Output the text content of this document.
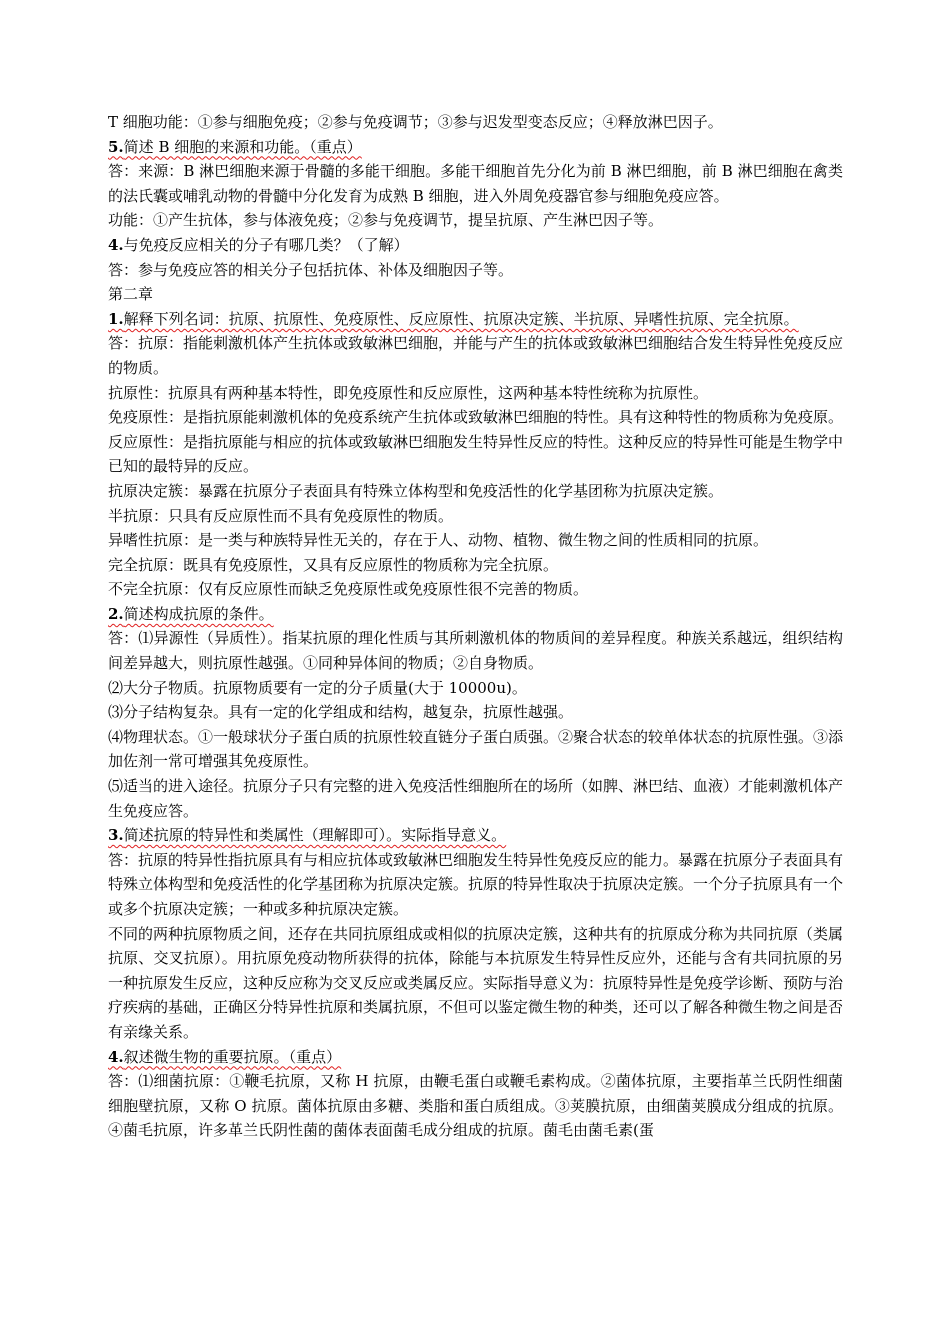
T 细胞功能：①参与细胞免疫；②参与免疫调节；③参与迟发型变态反应；④释放淋巴因子。

5.简述 B 细胞的来源和功能。（重点）

答：来源：B 淋巴细胞来源于骨髓的多能干细胞。多能干细胞首先分化为前 B 淋巴细胞，前 B 淋巴细胞在禽类的法氏囊或哺乳动物的骨髓中分化发育为成熟 B 细胞，进入外周免疫器官参与细胞免疫应答。

功能：①产生抗体，参与体液免疫；②参与免疫调节，提呈抗原、产生淋巴因子等。

4.与免疫反应相关的分子有哪几类？（了解）

答：参与免疫应答的相关分子包括抗体、补体及细胞因子等。

第二章

1.解释下列名词：抗原、抗原性、免疫原性、反应原性、抗原决定簇、半抗原、异嗜性抗原、完全抗原。

答：抗原：指能刺激机体产生抗体或致敏淋巴细胞，并能与产生的抗体或致敏淋巴细胞结合发生特异性免疫反应的物质。

抗原性：抗原具有两种基本特性，即免疫原性和反应原性，这两种基本特性统称为抗原性。

免疫原性：是指抗原能刺激机体的免疫系统产生抗体或致敏淋巴细胞的特性。具有这种特性的物质称为免疫原。

反应原性：是指抗原能与相应的抗体或致敏淋巴细胞发生特异性反应的特性。这种反应的特异性可能是生物学中已知的最特异的反应。

抗原决定簇：暴露在抗原分子表面具有特殊立体构型和免疫活性的化学基团称为抗原决定簇。

半抗原：只具有反应原性而不具有免疫原性的物质。

异嗜性抗原：是一类与种族特异性无关的，存在于人、动物、植物、微生物之间的性质相同的抗原。

完全抗原：既具有免疫原性，又具有反应原性的物质称为完全抗原。

不完全抗原：仅有反应原性而缺乏免疫原性或免疫原性很不完善的物质。

2.简述构成抗原的条件。

答：⑴异源性（异质性）。指某抗原的理化性质与其所刺激机体的物质间的差异程度。种族关系越远，组织结构间差异越大，则抗原性越强。①同种异体间的物质；②自身物质。

⑵大分子物质。抗原物质要有一定的分子质量(大于 10000u)。

⑶分子结构复杂。具有一定的化学组成和结构，越复杂，抗原性越强。

⑷物理状态。①一般球状分子蛋白质的抗原性较直链分子蛋白质强。②聚合状态的较单体状态的抗原性强。③添加佐剂一常可增强其免疫原性。

⑸适当的进入途径。抗原分子只有完整的进入免疫活性细胞所在的场所（如脾、淋巴结、血液）才能刺激机体产生免疫应答。

3.简述抗原的特异性和类属性（理解即可）。实际指导意义。

答：抗原的特异性指抗原具有与相应抗体或致敏淋巴细胞发生特异性免疫反应的能力。暴露在抗原分子表面具有特殊立体构型和免疫活性的化学基团称为抗原决定簇。抗原的特异性取决于抗原决定簇。一个分子抗原具有一个或多个抗原决定簇；一种或多种抗原决定簇。

不同的两种抗原物质之间，还存在共同抗原组成或相似的抗原决定簇，这种共有的抗原成分称为共同抗原（类属抗原、交叉抗原）。用抗原免疫动物所获得的抗体，除能与本抗原发生特异性反应外，还能与含有共同抗原的另一种抗原发生反应，这种反应称为交叉反应或类属反应。实际指导意义为：抗原特异性是免疫学诊断、预防与治疗疾病的基础，正确区分特异性抗原和类属抗原，不但可以鉴定微生物的种类，还可以了解各种微生物之间是否有亲缘关系。

4.叙述微生物的重要抗原。（重点）

答：⑴细菌抗原：①鞭毛抗原，又称 H 抗原，由鞭毛蛋白或鞭毛素构成。②菌体抗原，主要指革兰氏阴性细菌细胞壁抗原，又称 O 抗原。菌体抗原由多糖、类脂和蛋白质组成。③荚膜抗原，由细菌荚膜成分组成的抗原。④菌毛抗原，许多革兰氏阴性菌的菌体表面菌毛成分组成的抗原。菌毛由菌毛素(蛋
